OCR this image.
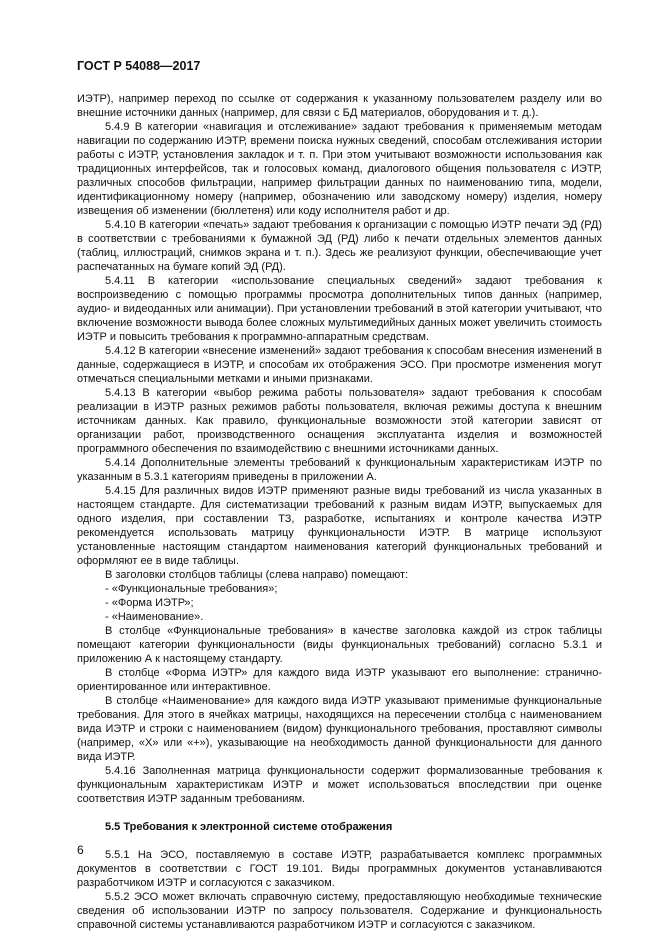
ГОСТ Р 54088—2017

ИЭТР), например переход по ссылке от содержания к указанному пользователем разделу или во внешние источники данных (например, для связи с БД материалов, оборудования и т. д.).

5.4.9 В категории «навигация и отслеживание» задают требования к применяемым методам навигации по содержанию ИЭТР, времени поиска нужных сведений, способам отслеживания истории работы с ИЭТР, установления закладок и т. п. При этом учитывают возможности использования как традиционных интерфейсов, так и голосовых команд, диалогового общения пользователя с ИЭТР, различных способов фильтрации, например фильтрации данных по наименованию типа, модели, идентификационному номеру (например, обозначению или заводскому номеру) изделия, номеру извещения об изменении (бюллетеня) или коду исполнителя работ и др.

5.4.10 В категории «печать» задают требования к организации с помощью ИЭТР печати ЭД (РД) в соответствии с требованиями к бумажной ЭД (РД) либо к печати отдельных элементов данных (таблиц, иллюстраций, снимков экрана и т. п.). Здесь же реализуют функции, обеспечивающие учет распечатанных на бумаге копий ЭД (РД).

5.4.11 В категории «использование специальных сведений» задают требования к воспроизведению с помощью программы просмотра дополнительных типов данных (например, аудио- и видеоданных или анимации). При установлении требований в этой категории учитывают, что включение возможности вывода более сложных мультимедийных данных может увеличить стоимость ИЭТР и повысить требования к программно-аппаратным средствам.

5.4.12 В категории «внесение изменений» задают требования к способам внесения изменений в данные, содержащиеся в ИЭТР, и способам их отображения ЭСО. При просмотре изменения могут отмечаться специальными метками и иными признаками.

5.4.13 В категории «выбор режима работы пользователя» задают требования к способам реализации в ИЭТР разных режимов работы пользователя, включая режимы доступа к внешним источникам данных. Как правило, функциональные возможности этой категории зависят от организации работ, производственного оснащения эксплуатанта изделия и возможностей программного обеспечения по взаимодействию с внешними источниками данных.

5.4.14 Дополнительные элементы требований к функциональным характеристикам ИЭТР по указанным в 5.3.1 категориям приведены в приложении А.

5.4.15 Для различных видов ИЭТР применяют разные виды требований из числа указанных в настоящем стандарте. Для систематизации требований к разным видам ИЭТР, выпускаемых для одного изделия, при составлении ТЗ, разработке, испытаниях и контроле качества ИЭТР рекомендуется использовать матрицу функциональности ИЭТР. В матрице используют установленные настоящим стандартом наименования категорий функциональных требований и оформляют ее в виде таблицы.

В заголовки столбцов таблицы (слева направо) помещают:

- «Функциональные требования»;

- «Форма ИЭТР»;

- «Наименование».

В столбце «Функциональные требования» в качестве заголовка каждой из строк таблицы помещают категории функциональности (виды функциональных требований) согласно 5.3.1 и приложению А к настоящему стандарту.

В столбце «Форма ИЭТР» для каждого вида ИЭТР указывают его выполнение: странично-ориентированное или интерактивное.

В столбце «Наименование» для каждого вида ИЭТР указывают применимые функциональные требования. Для этого в ячейках матрицы, находящихся на пересечении столбца с наименованием вида ИЭТР и строки с наименованием (видом) функционального требования, проставляют символы (например, «X» или «+»), указывающие на необходимость данной функциональности для данного вида ИЭТР.

5.4.16 Заполненная матрица функциональности содержит формализованные требования к функциональным характеристикам ИЭТР и может использоваться впоследствии при оценке соответствия ИЭТР заданным требованиям.

5.5 Требования к электронной системе отображения

5.5.1 На ЭСО, поставляемую в составе ИЭТР, разрабатывается комплекс программных документов в соответствии с ГОСТ 19.101. Виды программных документов устанавливаются разработчиком ИЭТР и согласуются с заказчиком.

5.5.2 ЭСО может включать справочную систему, предоставляющую необходимые технические сведения об использовании ИЭТР по запросу пользователя. Содержание и функциональность справочной системы устанавливаются разработчиком ИЭТР и согласуются с заказчиком.

6
